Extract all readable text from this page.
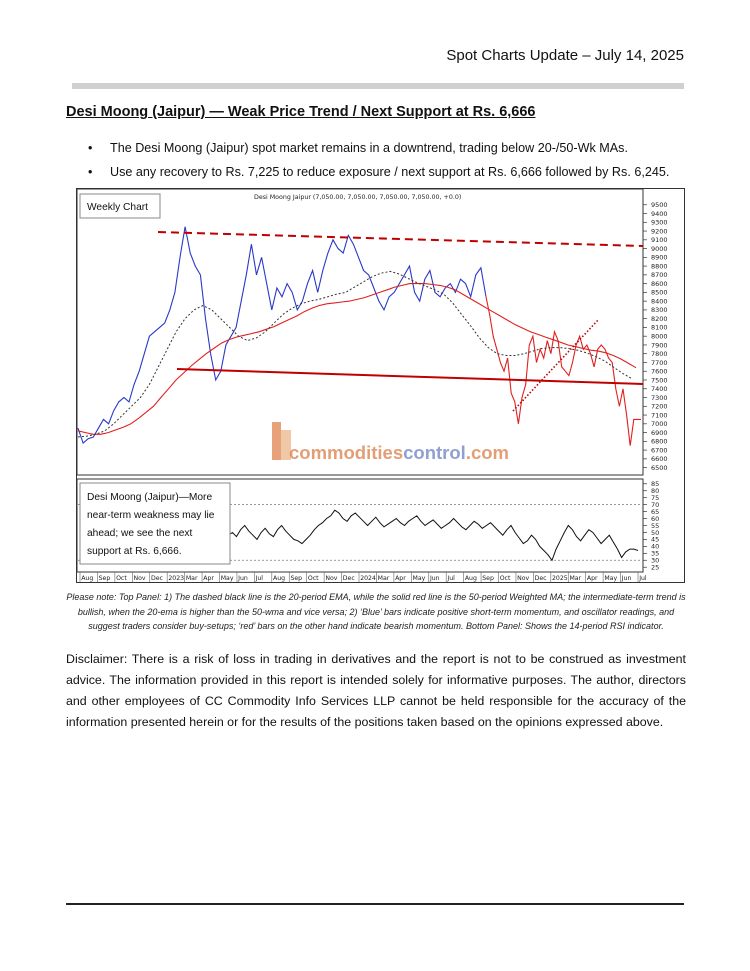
Spot Charts Update – July 14, 2025
Desi Moong (Jaipur) — Weak Price Trend / Next Support at Rs. 6,666
• The Desi Moong (Jaipur) spot market remains in a downtrend, trading below 20-/50-Wk MAs.
• Use any recovery to Rs. 7,225 to reduce exposure / next support at Rs. 6,666 followed by Rs. 6,245.
Aug Sep Oct Nov Dec 2023 Mar Apr May Jun Jul Aug Sep Oct Nov Dec 2024 Mar Apr May Jun Jul Aug Sep Oct Nov Dec 2025 Mar Apr May Jun Jul
commoditiescontrol.com
Desi Moong Jaipur (7,050.00, 7,050.00, 7,050.00, 7,050.00, +0.0)
6500
6600
6700
6800
6900
7000
7100
7200
7300
7400
7500
7600
7700
7800
7900
8000
8100
8200
8300
8400
8500
8600
8700
8800
8900
9000
9100
9200
9300
9400
9500
Weekly Chart
25
30
35
40
45
50
55
60
65
70
75
80
85
Desi Moong (Jaipur)—More
near-term weakness may lie
ahead; we see the next
support at Rs. 6,666.
Please note: Top Panel: 1) The dashed black line is the 20-period EMA, while the solid red line is the 50-period Weighted MA; the intermediate-term trend is bullish, when the 20-ema is higher than the 50-wma and vice versa; 2) ‘Blue’ bars indicate positive short-term momentum, and oscillator readings, and suggest traders consider buy-setups; ‘red’ bars on the other hand indicate bearish momentum. Bottom Panel: Shows the 14-period RSI indicator.
Disclaimer: There is a risk of loss in trading in derivatives and the report is not to be construed as investment advice. The information provided in this report is intended solely for informative purposes. The author, directors and other employees of CC Commodity Info Services LLP cannot be held responsible for the accuracy of the information presented herein or for the results of the positions taken based on the opinions expressed above.
